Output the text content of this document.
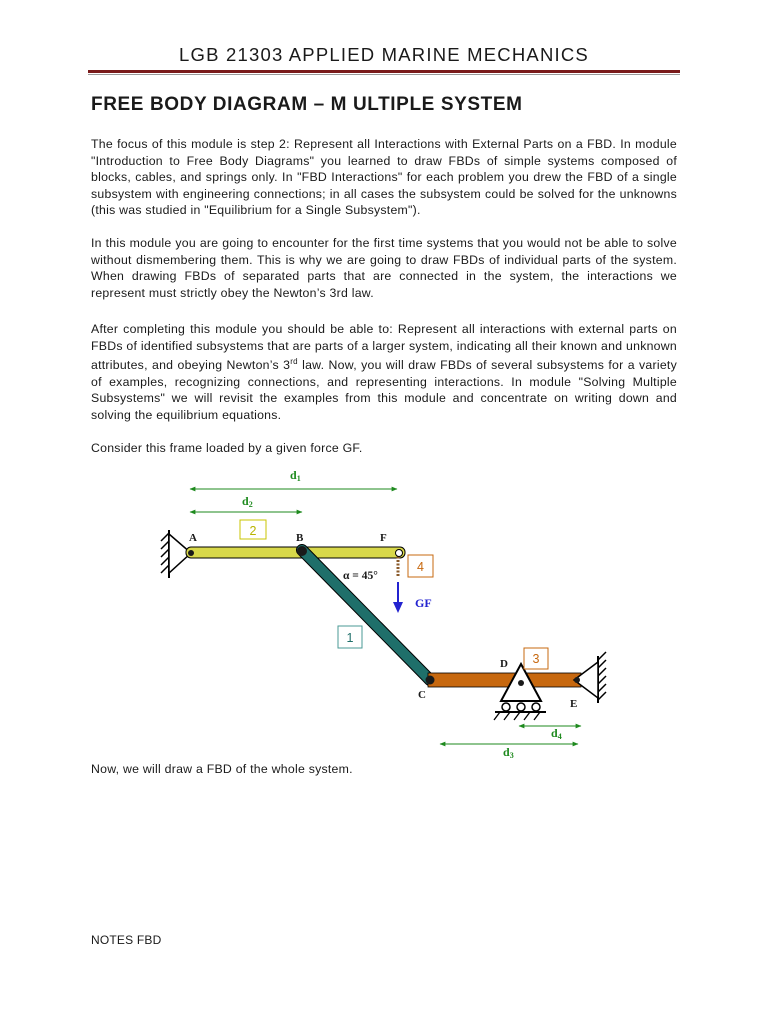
LGB 21303 APPLIED MARINE MECHANICS
FREE BODY DIAGRAM – M ULTIPLE SYSTEM

The focus of this module is step 2: Represent all Interactions with External Parts on a FBD. In module "Introduction to Free Body Diagrams" you learned to draw FBDs of simple systems composed of blocks, cables, and springs only. In "FBD Interactions" for each problem you drew the FBD of a single subsystem with engineering connections; in all cases the subsystem could be solved for the unknowns (this was studied in "Equilibrium for a Single Subsystem").

In this module you are going to encounter for the first time systems that you would not be able to solve without dismembering them. This is why we are going to draw FBDs of individual parts of the system. When drawing FBDs of separated parts that are connected in the system, the interactions we represent must strictly obey the Newton’s 3rd law.

After completing this module you should be able to: Represent all interactions with external parts on FBDs of identified subsystems that are parts of a larger system, indicating all their known and unknown attributes, and obeying Newton’s 3rd law. Now, you will draw FBDs of several subsystems for a variety of examples, recognizing connections, and representing interactions. In module "Solving Multiple Subsystems" we will revisit the examples from this module and concentrate on writing down and solving the equilibrium equations.

Consider this frame loaded by a given force GF.

d1
d2
d3
d4
α = 45°
GF
A	B	F
C
D
E
2
4
1
3

Now, we will draw a FBD of the whole system.

NOTES FBD
